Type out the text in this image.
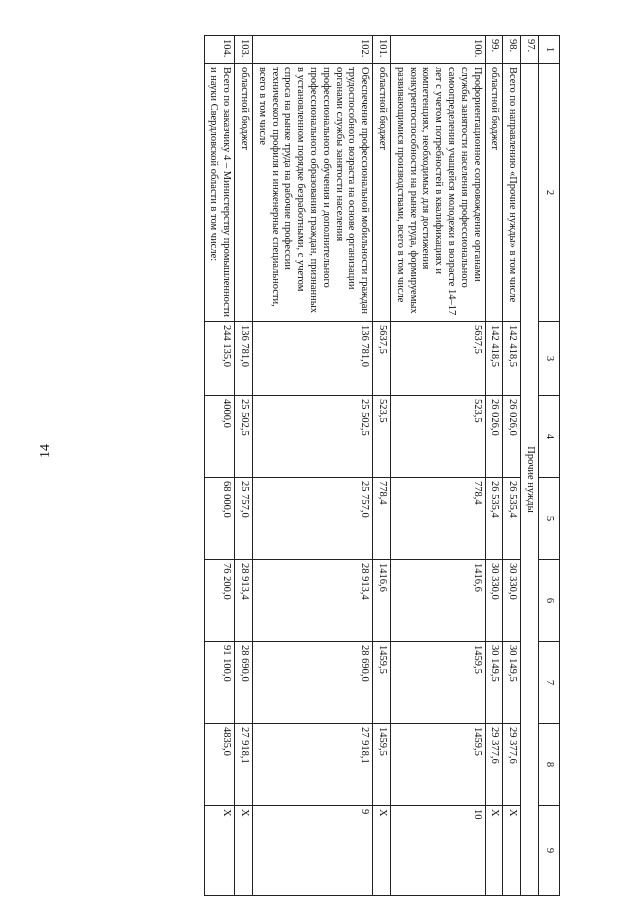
14
1	2	3	4	5	6	7	8	9
97.	Прочие нужды							
98.	Всего по направлению «Прочие нужды» в том числе	142 418,5	26 026,0	26 535,4	30 330,0	30 149,5	29 377,6	X
99.	областной бюджет	142 418,5	26 026,0	26 535,4	30 330,0	30 149,5	29 377,6	X
100.	Профориентационное сопровождение органами службы занятости населения профессионального самоопределения учащейся молодежи в возрасте 14–17 лет с учетом потребностей в квалификациях и компетенциях, необходимых для достижения конкурентоспособности на рынке труда, формируемых развивающимися производствами, всего в том числе	5637,5	523,5	778,4	1416,6	1459,5	1459,5	10
101.	областной бюджет	5637,5	523,5	778,4	1416,6	1459,5	1459,5	X
102.	Обеспечение профессиональной мобильности граждан трудоспособного возраста на основе организации органами службы занятости населения профессионального обучения и дополнительного профессионального образования граждан, признанных в установленном порядке безработными, с учетом спроса на рынке труда на рабочие профессии технического профиля и инженерные специальности, всего в том числе	136 781,0	25 502,5	25 757,0	28 913,4	28 690,0	27 918,1	9
103.	областной бюджет	136 781,0	25 502,5	25 757,0	28 913,4	28 690,0	27 918,1	X
104.	Всего по заказчику 4 – Министерству промышленности и науки Свердловской области в том числе:	244 135,0	4000,0	68 000,0	76 200,0	91 100,0	4835,0	X
